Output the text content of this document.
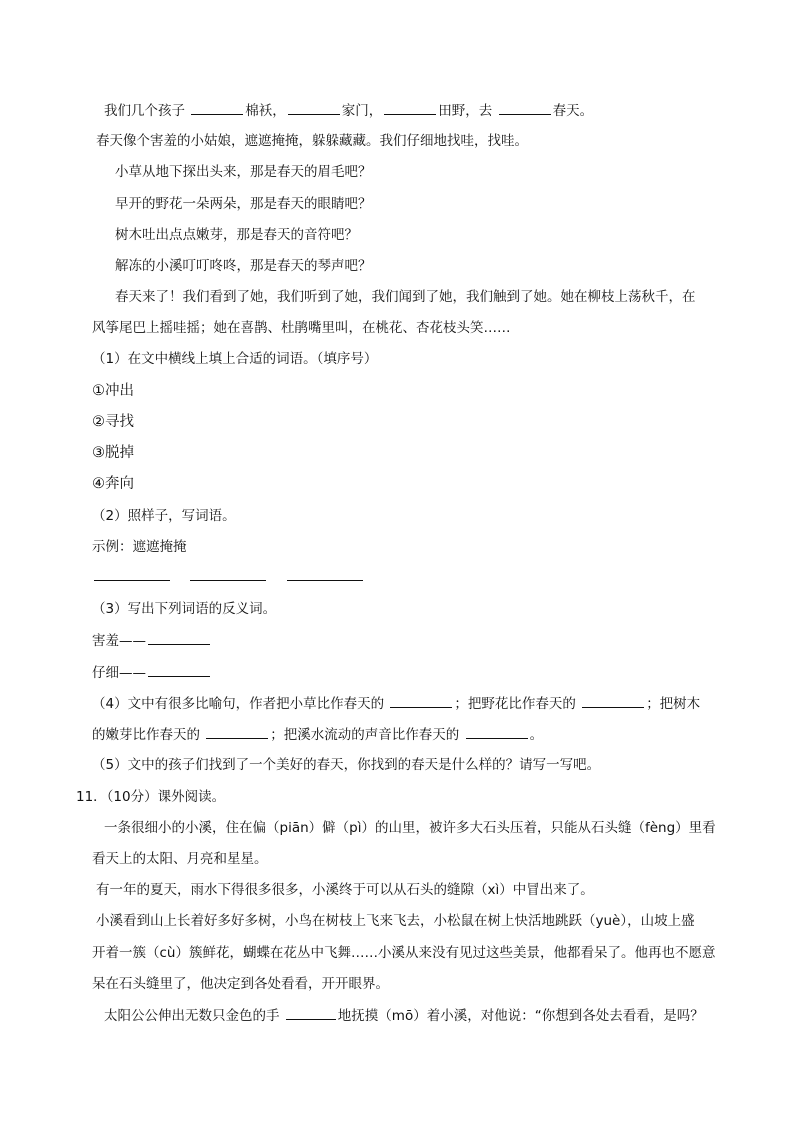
我们几个孩子	棉袄，	家门，	田野，去	春天。
春天像个害羞的小姑娘，遮遮掩掩，躲躲藏藏。我们仔细地找哇，找哇。
小草从地下探出头来，那是春天的眉毛吧？
早开的野花一朵两朵，那是春天的眼睛吧？
树木吐出点点嫩芽，那是春天的音符吧？
解冻的小溪叮叮咚咚，那是春天的琴声吧？
春天来了！我们看到了她，我们听到了她，我们闻到了她，我们触到了她。她在柳枝上荡秋千，在
风筝尾巴上摇哇摇；她在喜鹊、杜鹃嘴里叫，在桃花、杏花枝头笑……
（1）在文中横线上填上合适的词语。（填序号）
①冲出
②寻找
③脱掉
④奔向
（2）照样子，写词语。
示例：遮遮掩掩

（3）写出下列词语的反义词。
害羞——
仔细——
（4）文中有很多比喻句，作者把小草比作春天的	；把野花比作春天的	；把树木
的嫩芽比作春天的	；把溪水流动的声音比作春天的	。
（5）文中的孩子们找到了一个美好的春天，你找到的春天是什么样的？请写一写吧。
11．（10分）课外阅读。
一条很细小的小溪，住在偏（piān）僻（pì）的山里，被许多大石头压着，只能从石头缝（fèng）里看
看天上的太阳、月亮和星星。
有一年的夏天，雨水下得很多很多，小溪终于可以从石头的缝隙（xì）中冒出来了。
小溪看到山上长着好多好多树，小鸟在树枝上飞来飞去，小松鼠在树上快活地跳跃（yuè），山坡上盛
开着一簇（cù）簇鲜花，蝴蝶在花丛中飞舞……小溪从来没有见过这些美景，他都看呆了。他再也不愿意
呆在石头缝里了，他决定到各处看看，开开眼界。
太阳公公伸出无数只金色的手	地抚摸（mō）着小溪，对他说：“你想到各处去看看，是吗？
